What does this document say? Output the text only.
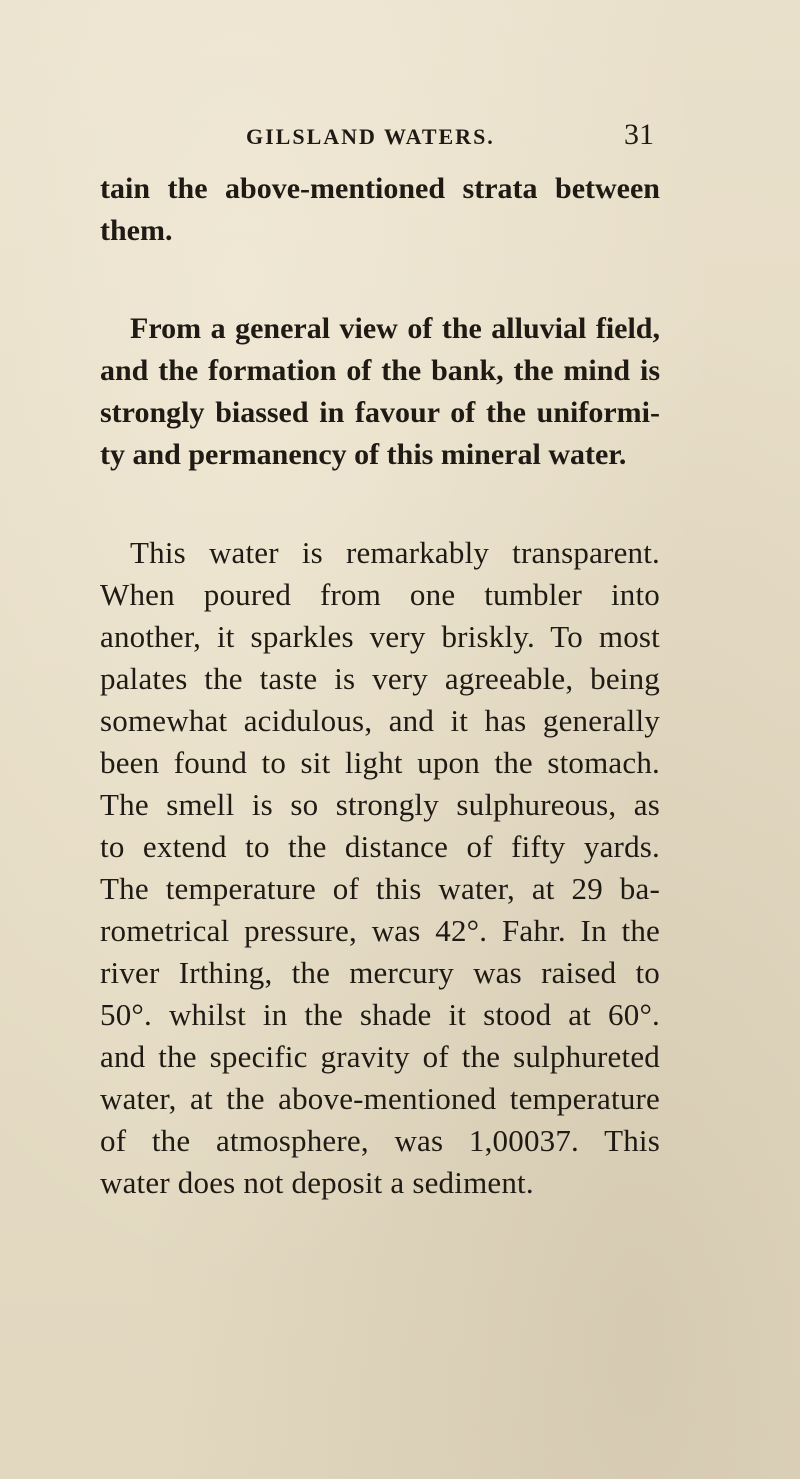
GILSLAND WATERS.	31

tain the above-mentioned strata between
them.

From a general view of the alluvial field,
and the formation of the bank, the mind is
strongly biassed in favour of the uniformi-
ty and permanency of this mineral water.

This water is remarkably transparent.
When poured from one tumbler into
another, it sparkles very briskly. To most
palates the taste is very agreeable, being
somewhat acidulous, and it has generally
been found to sit light upon the stomach.
The smell is so strongly sulphureous, as
to extend to the distance of fifty yards.
The temperature of this water, at 29 ba-
rometrical pressure, was 42°. Fahr. In the
river Irthing, the mercury was raised to
50°. whilst in the shade it stood at 60°.
and the specific gravity of the sulphureted
water, at the above-mentioned temperature
of the atmosphere, was 1,00037. This
water does not deposit a sediment.
